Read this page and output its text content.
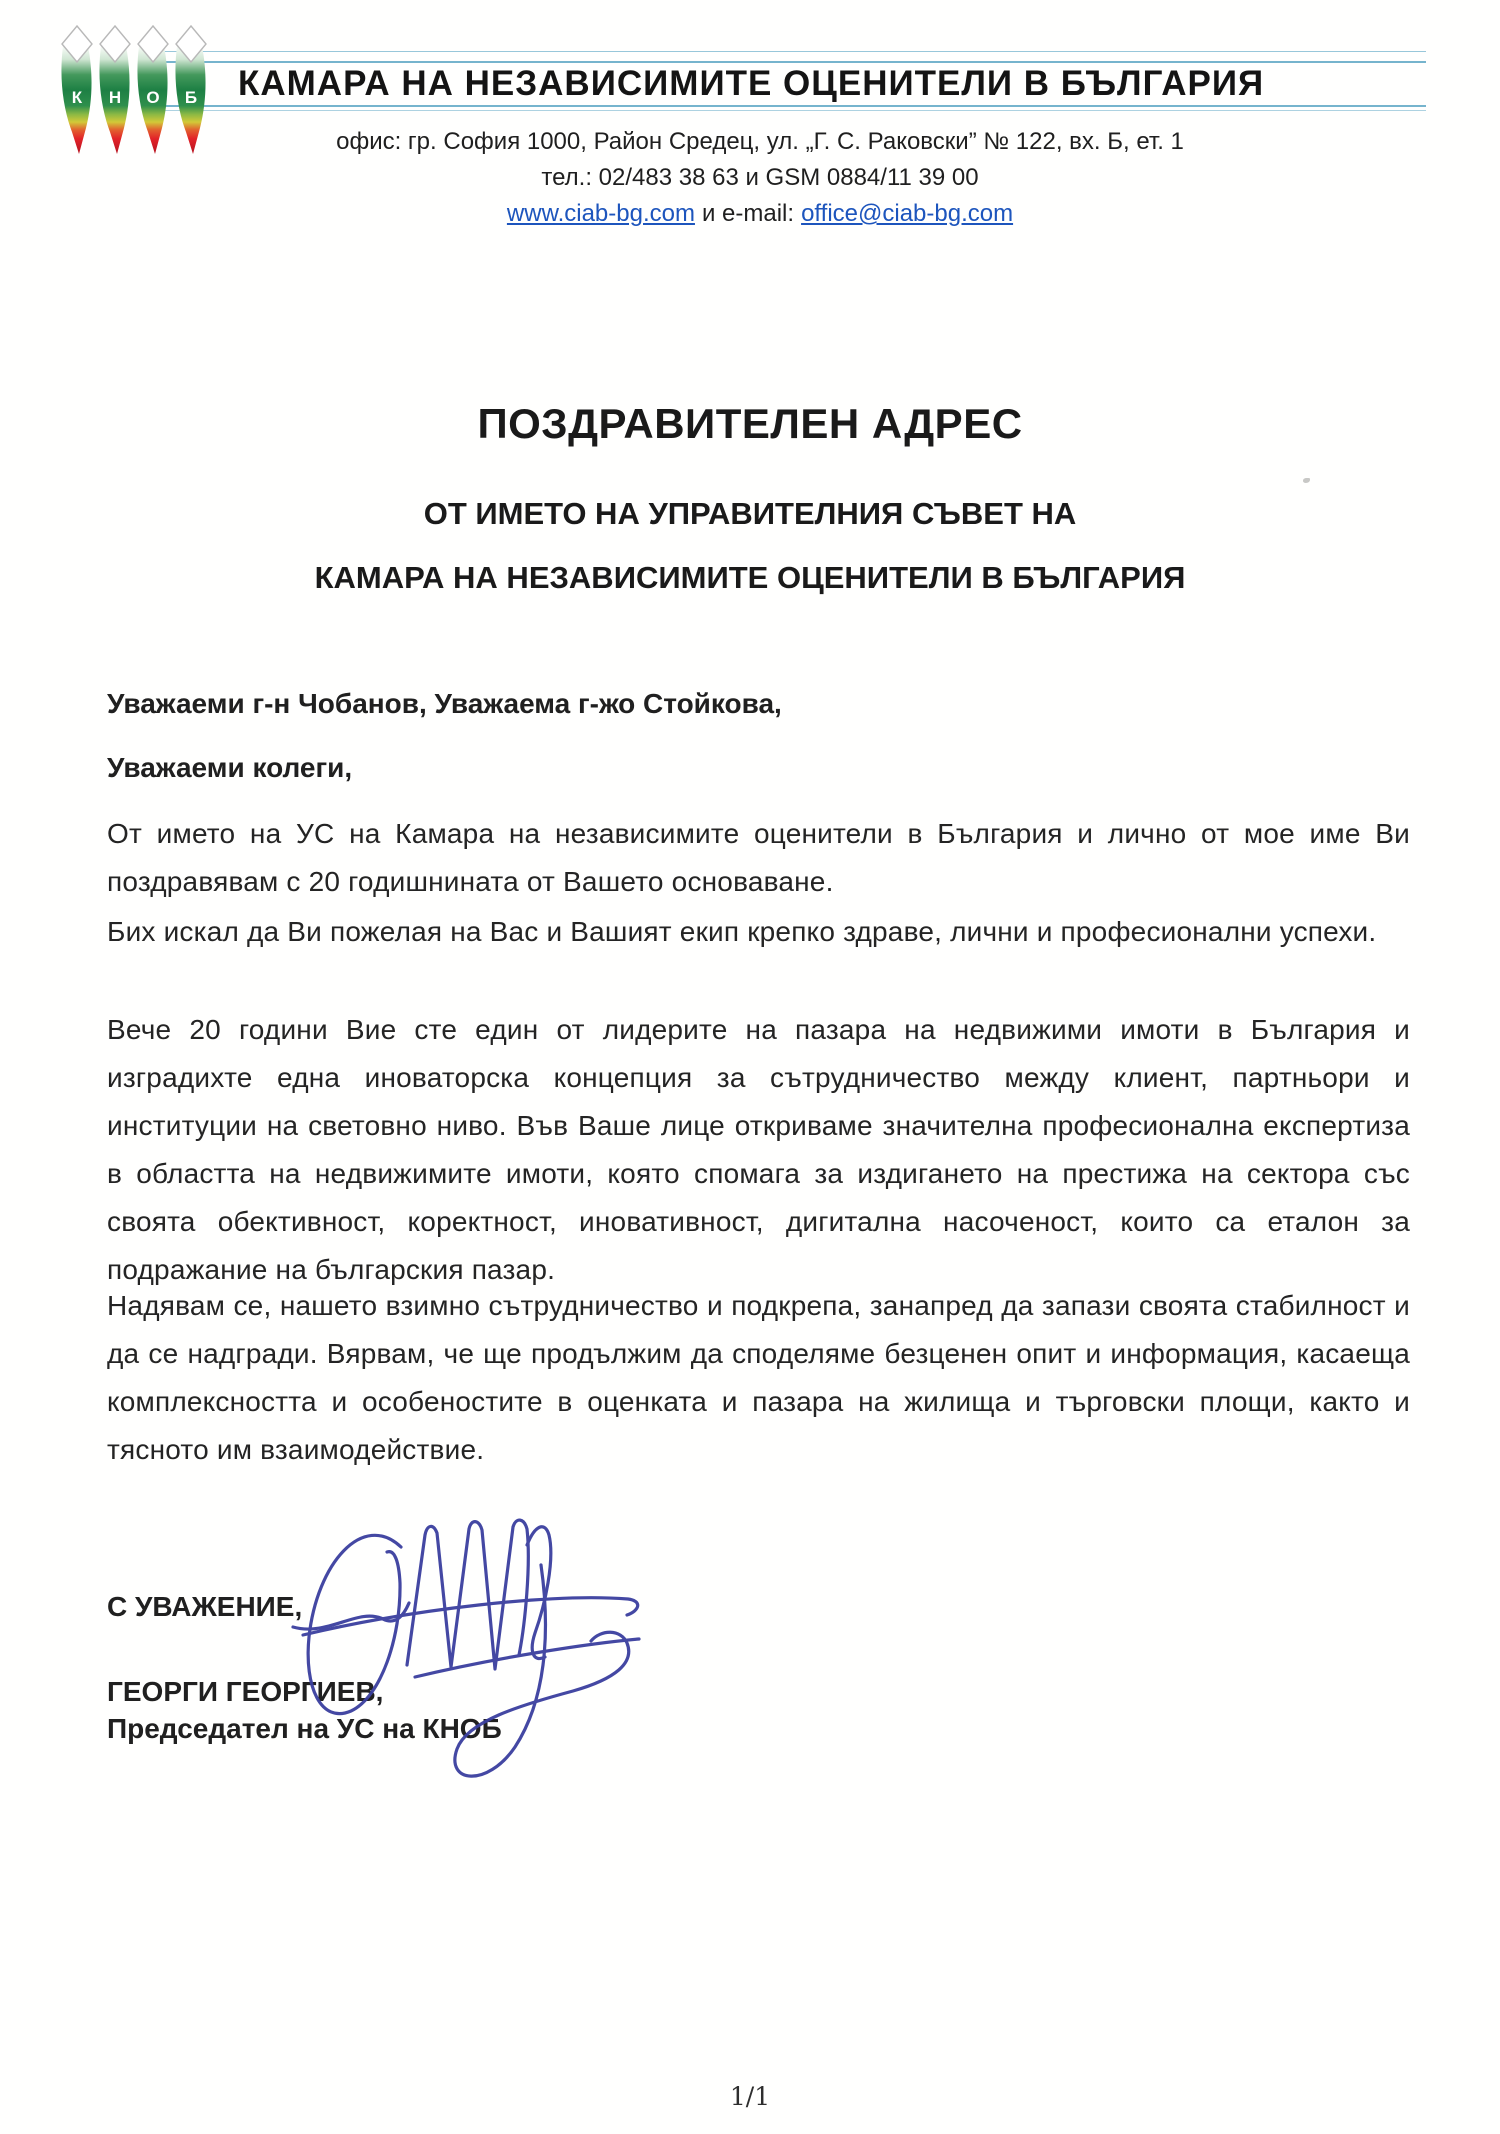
К Н О Б КАМАРА НА НЕЗАВИСИМИТЕ ОЦЕНИТЕЛИ В БЪЛГАРИЯ
офис: гр. София 1000, Район Средец, ул. „Г. С. Раковски” № 122, вх. Б, ет. 1
тел.: 02/483 38 63 и GSM 0884/11 39 00
www.ciab-bg.com и e-mail: office@ciab-bg.com
ПОЗДРАВИТЕЛЕН АДРЕС
ОТ ИМЕТО НА УПРАВИТЕЛНИЯ СЪВЕТ НА
КАМАРА НА НЕЗАВИСИМИТЕ ОЦЕНИТЕЛИ В БЪЛГАРИЯ

Уважаеми г-н Чобанов, Уважаема г-жо Стойкова,

Уважаеми колеги,

От името на УС на Камара на независимите оценители в България и лично от мое име Ви поздравявам с 20 годишнината от Вашето основаване.

Бих искал да Ви пожелая на Вас и Вашият екип крепко здраве, лични и професионални успехи.

Вече 20 години Вие сте един от лидерите на пазара на недвижими имоти в България и изградихте една иноваторска концепция за сътрудничество между клиент, партньори и институции на световно ниво. Във Ваше лице откриваме значителна професионална експертиза в областта на недвижимите имоти, която спомага за издигането на престижа на сектора със своята обективност, коректност, иновативност, дигитална насоченост, които са еталон за подражание на българския пазар.

Надявам се, нашето взимно сътрудничество и подкрепа, занапред да запази своята стабилност и да се надгради. Вярвам, че ще продължим да споделяме безценен опит и информация, касаеща комплексността и особеностите в оценката и пазара на жилища и търговски площи, както и тясното им взаимодействие.

С УВАЖЕНИЕ,

ГЕОРГИ ГЕОРГИЕВ,

Председател на УС на КНОБ

1/1
